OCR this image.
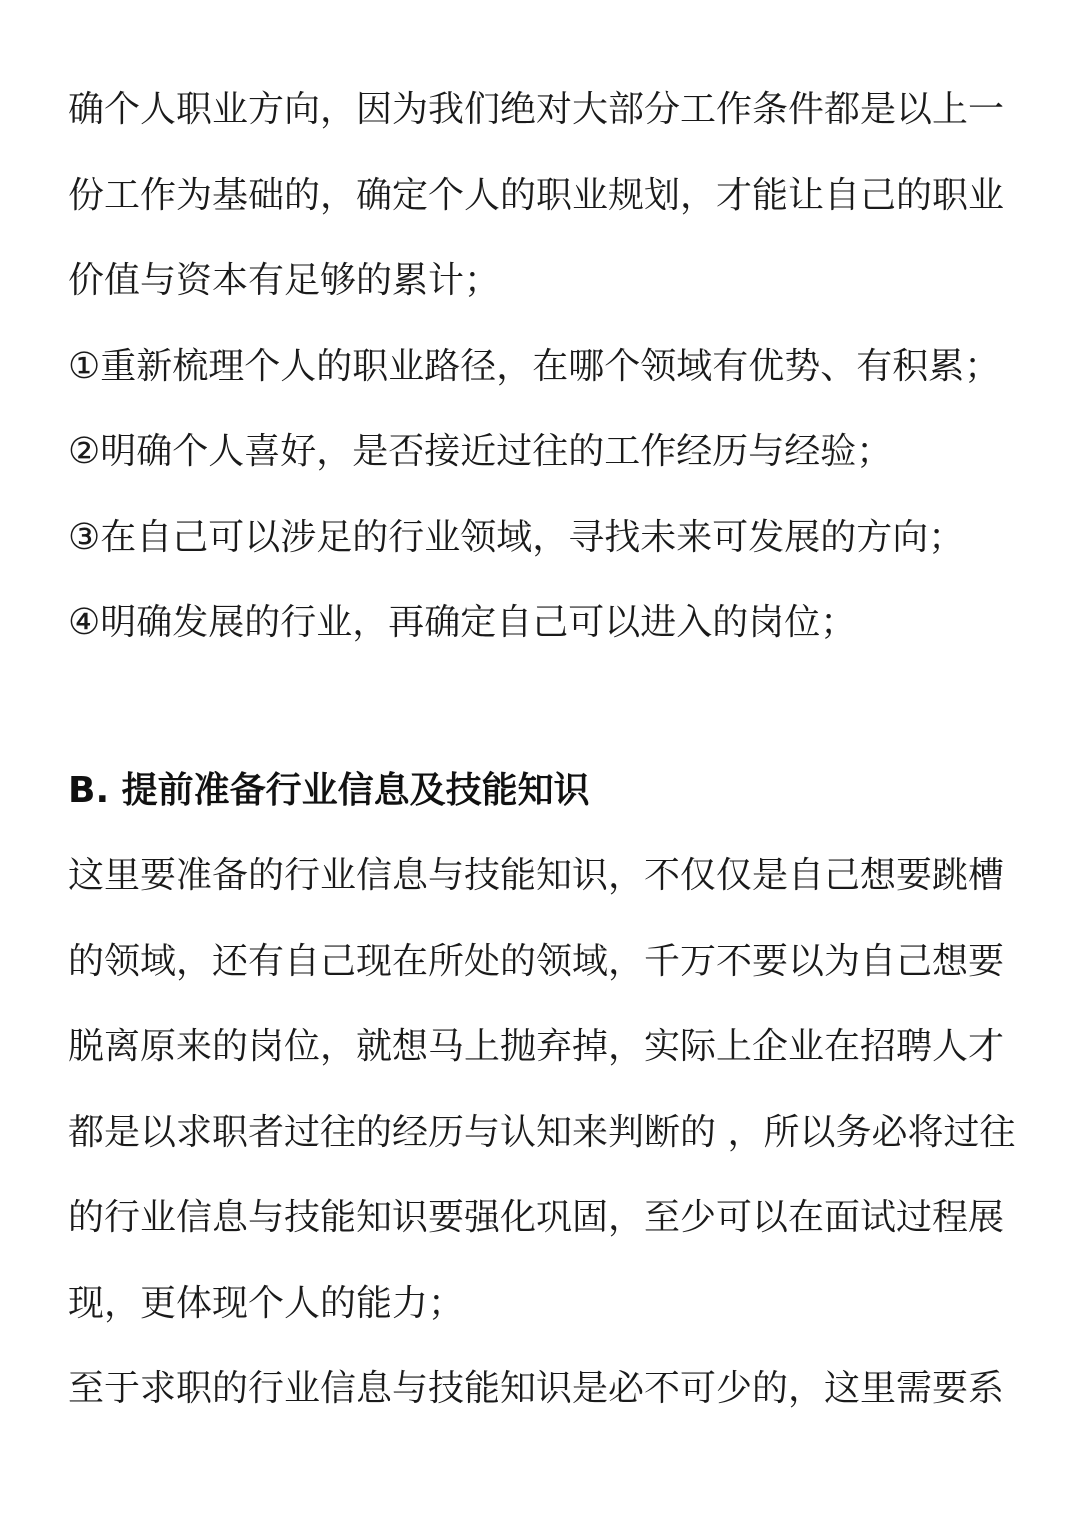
确个人职业方向，因为我们绝对大部分工作条件都是以上一
份工作为基础的，确定个人的职业规划，才能让自己的职业
价值与资本有足够的累计；
①重新梳理个人的职业路径，在哪个领域有优势、有积累；
②明确个人喜好，是否接近过往的工作经历与经验；
③在自己可以涉足的行业领域，寻找未来可发展的方向；
④明确发展的行业，再确定自己可以进入的岗位；
B. 提前准备行业信息及技能知识
这里要准备的行业信息与技能知识，不仅仅是自己想要跳槽
的领域，还有自己现在所处的领域，千万不要以为自己想要
脱离原来的岗位，就想马上抛弃掉，实际上企业在招聘人才
都是以求职者过往的经历与认知来判断的 ，所以务必将过往
的行业信息与技能知识要强化巩固，至少可以在面试过程展
现，更体现个人的能力；
至于求职的行业信息与技能知识是必不可少的，这里需要系
